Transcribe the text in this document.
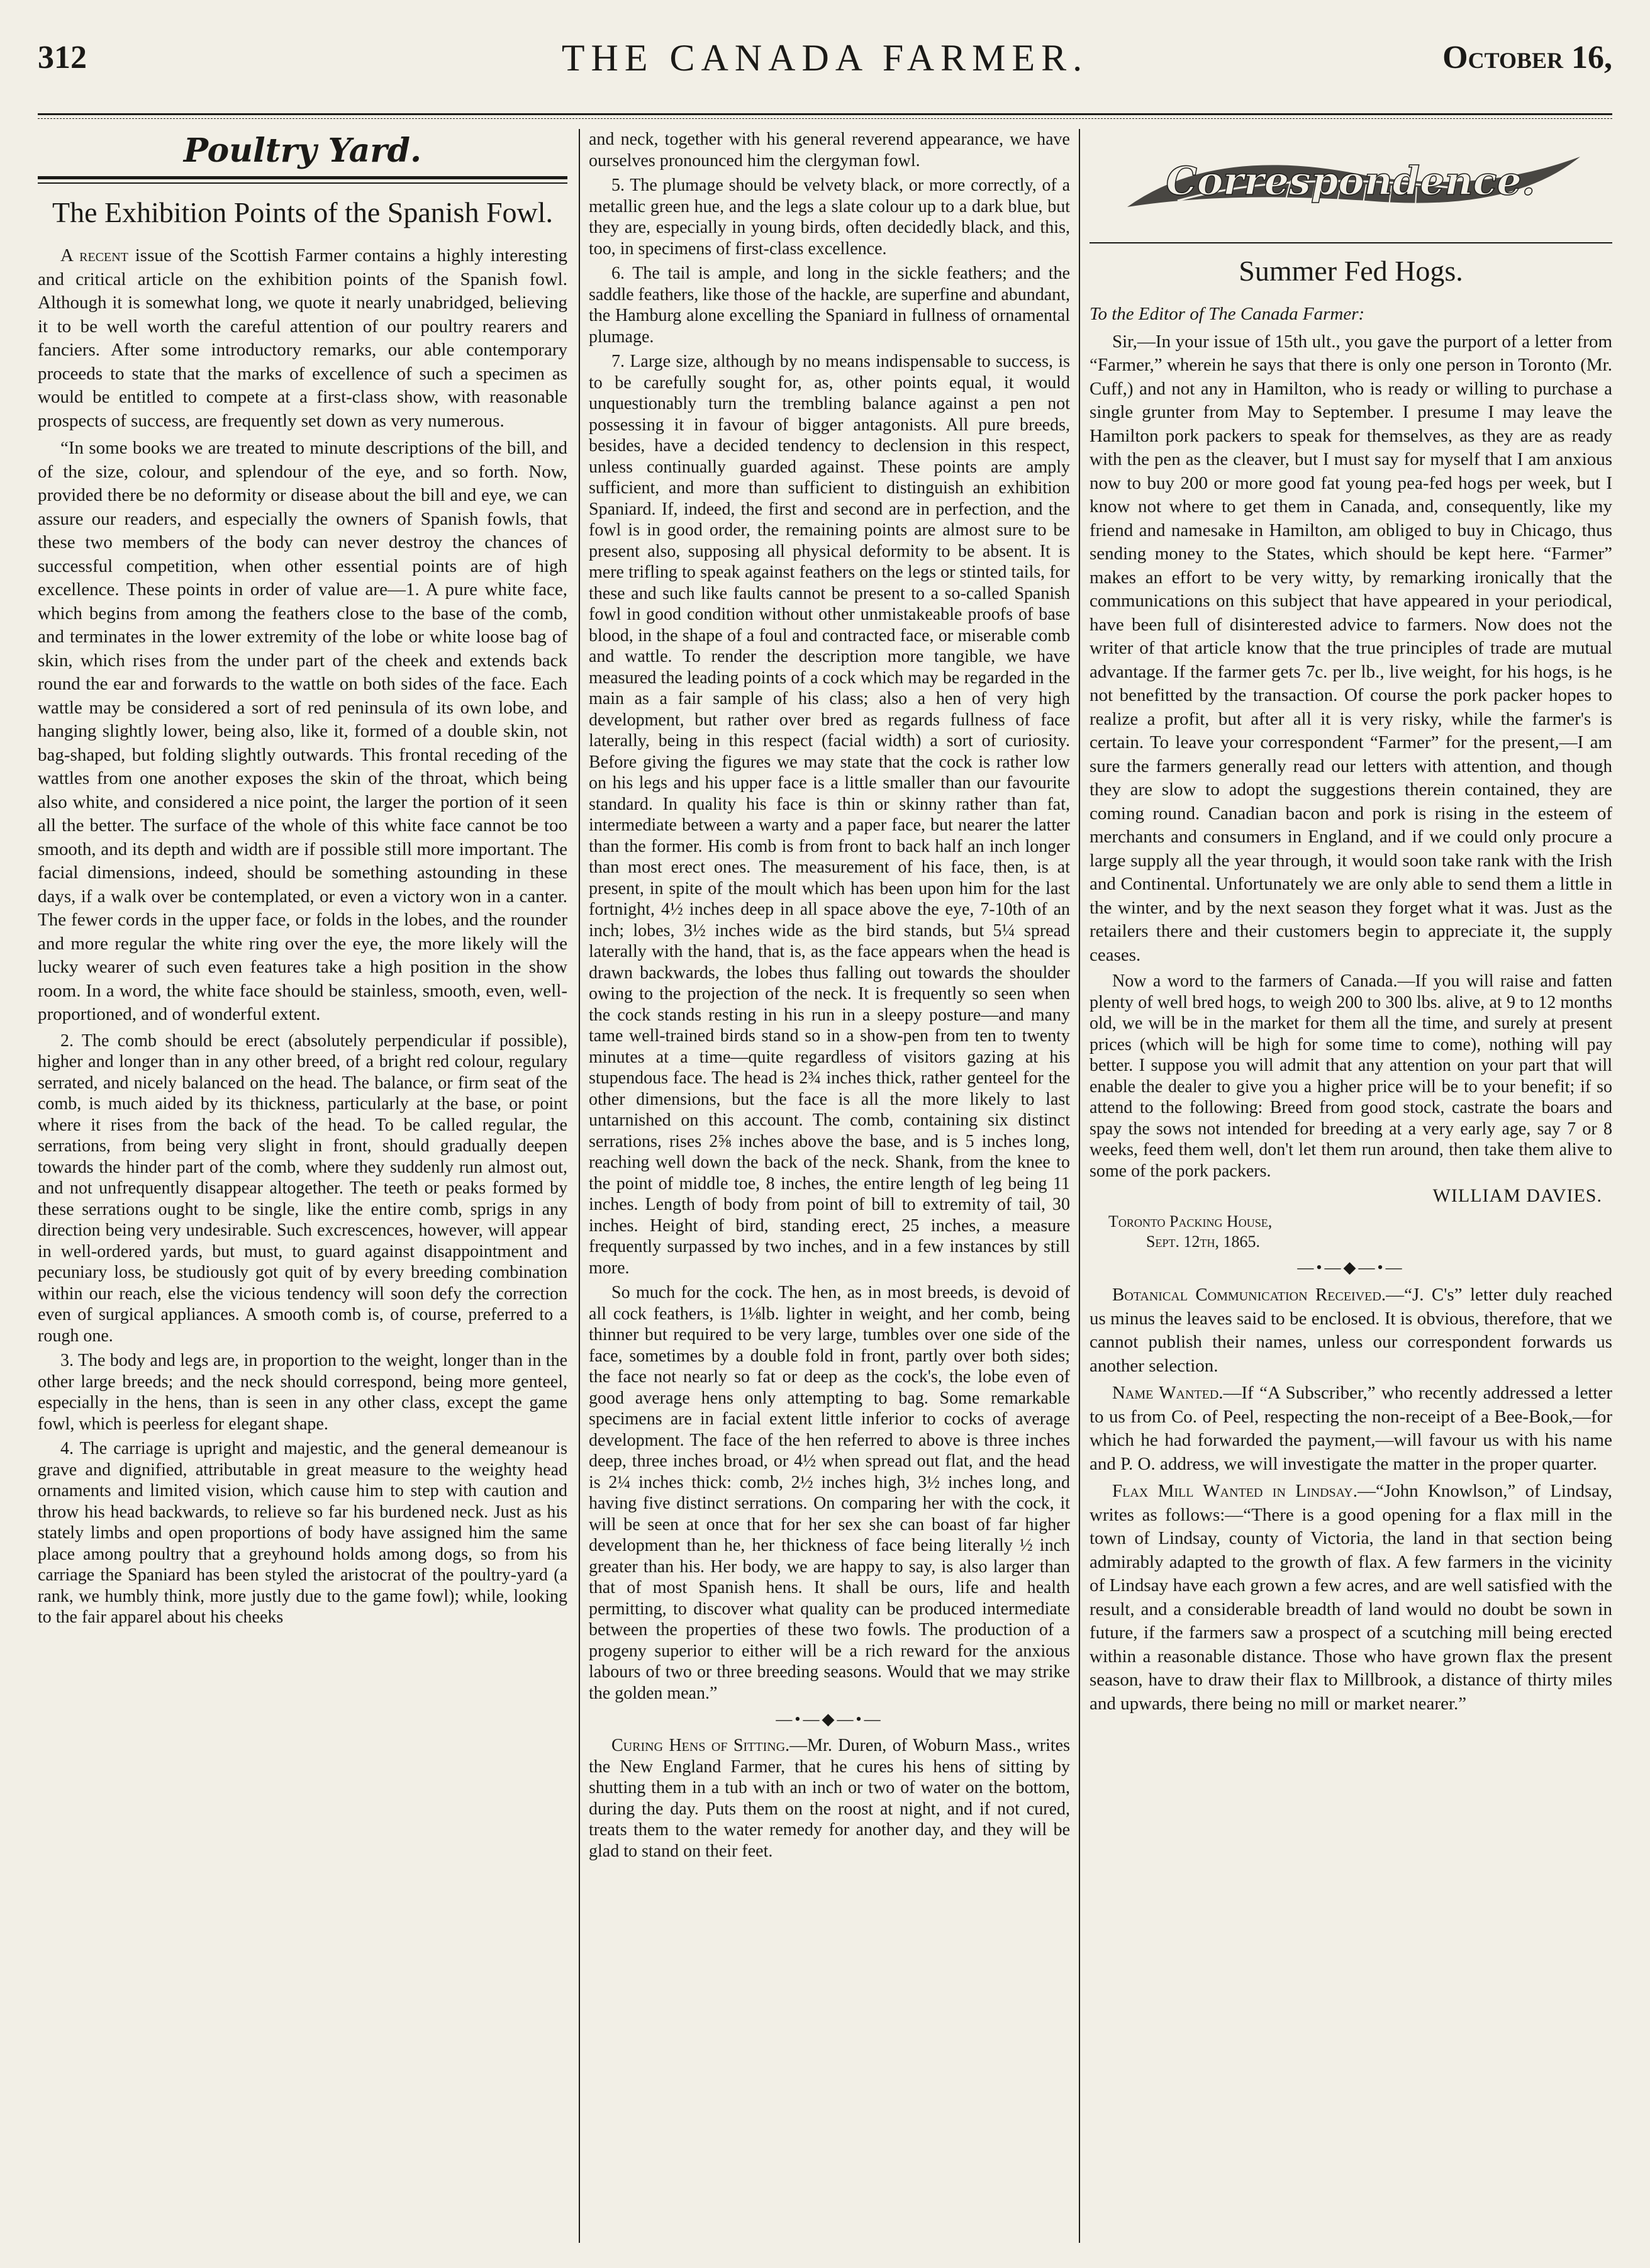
312	THE CANADA FARMER.	October 16,
Poultry Yard.
The Exhibition Points of the Spanish Fowl.

A recent issue of the Scottish Farmer contains a highly interesting and critical article on the exhibition points of the Spanish fowl. Although it is somewhat long, we quote it nearly unabridged, believing it to be well worth the careful attention of our poultry rearers and fanciers. After some introductory remarks, our able contemporary proceeds to state that the marks of excellence of such a specimen as would be entitled to compete at a first-class show, with reasonable prospects of success, are frequently set down as very numerous.

“In some books we are treated to minute descriptions of the bill, and of the size, colour, and splendour of the eye, and so forth. Now, provided there be no deformity or disease about the bill and eye, we can assure our readers, and especially the owners of Spanish fowls, that these two members of the body can never destroy the chances of successful competition, when other essential points are of high excellence. These points in order of value are—1. A pure white face, which begins from among the feathers close to the base of the comb, and terminates in the lower extremity of the lobe or white loose bag of skin, which rises from the under part of the cheek and extends back round the ear and forwards to the wattle on both sides of the face. Each wattle may be considered a sort of red peninsula of its own lobe, and hanging slightly lower, being also, like it, formed of a double skin, not bag-shaped, but folding slightly outwards. This frontal receding of the wattles from one another exposes the skin of the throat, which being also white, and considered a nice point, the larger the portion of it seen all the better. The surface of the whole of this white face cannot be too smooth, and its depth and width are if possible still more important. The facial dimensions, indeed, should be something astounding in these days, if a walk over be contemplated, or even a victory won in a canter. The fewer cords in the upper face, or folds in the lobes, and the rounder and more regular the white ring over the eye, the more likely will the lucky wearer of such even features take a high position in the show room. In a word, the white face should be stainless, smooth, even, well-proportioned, and of wonderful extent.

2. The comb should be erect (absolutely perpendicular if possible), higher and longer than in any other breed, of a bright red colour, regulary serrated, and nicely balanced on the head. The balance, or firm seat of the comb, is much aided by its thickness, particularly at the base, or point where it rises from the back of the head. To be called regular, the serrations, from being very slight in front, should gradually deepen towards the hinder part of the comb, where they suddenly run almost out, and not unfrequently disappear altogether. The teeth or peaks formed by these serrations ought to be single, like the entire comb, sprigs in any direction being very undesirable. Such excrescences, however, will appear in well-ordered yards, but must, to guard against disappointment and pecuniary loss, be studiously got quit of by every breeding combination within our reach, else the vicious tendency will soon defy the correction even of surgical appliances. A smooth comb is, of course, preferred to a rough one.

3. The body and legs are, in proportion to the weight, longer than in the other large breeds; and the neck should correspond, being more genteel, especially in the hens, than is seen in any other class, except the game fowl, which is peerless for elegant shape.

4. The carriage is upright and majestic, and the general demeanour is grave and dignified, attributable in great measure to the weighty head ornaments and limited vision, which cause him to step with caution and throw his head backwards, to relieve so far his burdened neck. Just as his stately limbs and open proportions of body have assigned him the same place among poultry that a greyhound holds among dogs, so from his carriage the Spaniard has been styled the aristocrat of the poultry-yard (a rank, we humbly think, more justly due to the game fowl); while, looking to the fair apparel about his cheeks

and neck, together with his general reverend appearance, we have ourselves pronounced him the clergyman fowl.

5. The plumage should be velvety black, or more correctly, of a metallic green hue, and the legs a slate colour up to a dark blue, but they are, especially in young birds, often decidedly black, and this, too, in specimens of first-class excellence.

6. The tail is ample, and long in the sickle feathers; and the saddle feathers, like those of the hackle, are superfine and abundant, the Hamburg alone excelling the Spaniard in fullness of ornamental plumage.

7. Large size, although by no means indispensable to success, is to be carefully sought for, as, other points equal, it would unquestionably turn the trembling balance against a pen not possessing it in favour of bigger antagonists. All pure breeds, besides, have a decided tendency to declension in this respect, unless continually guarded against. These points are amply sufficient, and more than sufficient to distinguish an exhibition Spaniard. If, indeed, the first and second are in perfection, and the fowl is in good order, the remaining points are almost sure to be present also, supposing all physical deformity to be absent. It is mere trifling to speak against feathers on the legs or stinted tails, for these and such like faults cannot be present to a so-called Spanish fowl in good condition without other unmistakeable proofs of base blood, in the shape of a foul and contracted face, or miserable comb and wattle. To render the description more tangible, we have measured the leading points of a cock which may be regarded in the main as a fair sample of his class; also a hen of very high development, but rather over bred as regards fullness of face laterally, being in this respect (facial width) a sort of curiosity. Before giving the figures we may state that the cock is rather low on his legs and his upper face is a little smaller than our favourite standard. In quality his face is thin or skinny rather than fat, intermediate between a warty and a paper face, but nearer the latter than the former. His comb is from front to back half an inch longer than most erect ones. The measurement of his face, then, is at present, in spite of the moult which has been upon him for the last fortnight, 4½ inches deep in all space above the eye, 7-10th of an inch; lobes, 3½ inches wide as the bird stands, but 5¼ spread laterally with the hand, that is, as the face appears when the head is drawn backwards, the lobes thus falling out towards the shoulder owing to the projection of the neck. It is frequently so seen when the cock stands resting in his run in a sleepy posture—and many tame well-trained birds stand so in a show-pen from ten to twenty minutes at a time—quite regardless of visitors gazing at his stupendous face. The head is 2¾ inches thick, rather genteel for the other dimensions, but the face is all the more likely to last untarnished on this account. The comb, containing six distinct serrations, rises 2⅝ inches above the base, and is 5 inches long, reaching well down the back of the neck. Shank, from the knee to the point of middle toe, 8 inches, the entire length of leg being 11 inches. Length of body from point of bill to extremity of tail, 30 inches. Height of bird, standing erect, 25 inches, a measure frequently surpassed by two inches, and in a few instances by still more.

So much for the cock. The hen, as in most breeds, is devoid of all cock feathers, is 1⅛lb. lighter in weight, and her comb, being thinner but required to be very large, tumbles over one side of the face, sometimes by a double fold in front, partly over both sides; the face not nearly so fat or deep as the cock's, the lobe even of good average hens only attempting to bag. Some remarkable specimens are in facial extent little inferior to cocks of average development. The face of the hen referred to above is three inches deep, three inches broad, or 4½ when spread out flat, and the head is 2¼ inches thick: comb, 2½ inches high, 3½ inches long, and having five distinct serrations. On comparing her with the cock, it will be seen at once that for her sex she can boast of far higher development than he, her thickness of face being literally ½ inch greater than his. Her body, we are happy to say, is also larger than that of most Spanish hens. It shall be ours, life and health permitting, to discover what quality can be produced intermediate between the properties of these two fowls. The production of a progeny superior to either will be a rich reward for the anxious labours of two or three breeding seasons. Would that we may strike the golden mean.”

—•—◆—•—

Curing Hens of Sitting.—Mr. Duren, of Woburn Mass., writes the New England Farmer, that he cures his hens of sitting by shutting them in a tub with an inch or two of water on the bottom, during the day. Puts them on the roost at night, and if not cured, treats them to the water remedy for another day, and they will be glad to stand on their feet.

Correspondence.
Summer Fed Hogs.

To the Editor of The Canada Farmer:

Sir,—In your issue of 15th ult., you gave the purport of a letter from “Farmer,” wherein he says that there is only one person in Toronto (Mr. Cuff,) and not any in Hamilton, who is ready or willing to purchase a single grunter from May to September. I presume I may leave the Hamilton pork packers to speak for themselves, as they are as ready with the pen as the cleaver, but I must say for myself that I am anxious now to buy 200 or more good fat young pea-fed hogs per week, but I know not where to get them in Canada, and, consequently, like my friend and namesake in Hamilton, am obliged to buy in Chicago, thus sending money to the States, which should be kept here. “Farmer” makes an effort to be very witty, by remarking ironically that the communications on this subject that have appeared in your periodical, have been full of disinterested advice to farmers. Now does not the writer of that article know that the true principles of trade are mutual advantage. If the farmer gets 7c. per lb., live weight, for his hogs, is he not benefitted by the transaction. Of course the pork packer hopes to realize a profit, but after all it is very risky, while the farmer's is certain. To leave your correspondent “Farmer” for the present,—I am sure the farmers generally read our letters with attention, and though they are slow to adopt the suggestions therein contained, they are coming round. Canadian bacon and pork is rising in the esteem of merchants and consumers in England, and if we could only procure a large supply all the year through, it would soon take rank with the Irish and Continental. Unfortunately we are only able to send them a little in the winter, and by the next season they forget what it was. Just as the retailers there and their customers begin to appreciate it, the supply ceases.

Now a word to the farmers of Canada.—If you will raise and fatten plenty of well bred hogs, to weigh 200 to 300 lbs. alive, at 9 to 12 months old, we will be in the market for them all the time, and surely at present prices (which will be high for some time to come), nothing will pay better. I suppose you will admit that any attention on your part that will enable the dealer to give you a higher price will be to your benefit; if so attend to the following: Breed from good stock, castrate the boars and spay the sows not intended for breeding at a very early age, say 7 or 8 weeks, feed them well, don't let them run around, then take them alive to some of the pork packers.

WILLIAM DAVIES.
Toronto Packing House,
Sept. 12th, 1865.
—•—◆—•—

Botanical Communication Received.—“J. C's” letter duly reached us minus the leaves said to be enclosed. It is obvious, therefore, that we cannot publish their names, unless our correspondent forwards us another selection.

Name Wanted.—If “A Subscriber,” who recently addressed a letter to us from Co. of Peel, respecting the non-receipt of a Bee-Book,—for which he had forwarded the payment,—will favour us with his name and P. O. address, we will investigate the matter in the proper quarter.

Flax Mill Wanted in Lindsay.—“John Knowlson,” of Lindsay, writes as follows:—“There is a good opening for a flax mill in the town of Lindsay, county of Victoria, the land in that section being admirably adapted to the growth of flax. A few farmers in the vicinity of Lindsay have each grown a few acres, and are well satisfied with the result, and a considerable breadth of land would no doubt be sown in future, if the farmers saw a prospect of a scutching mill being erected within a reasonable distance. Those who have grown flax the present season, have to draw their flax to Millbrook, a distance of thirty miles and upwards, there being no mill or market nearer.”
